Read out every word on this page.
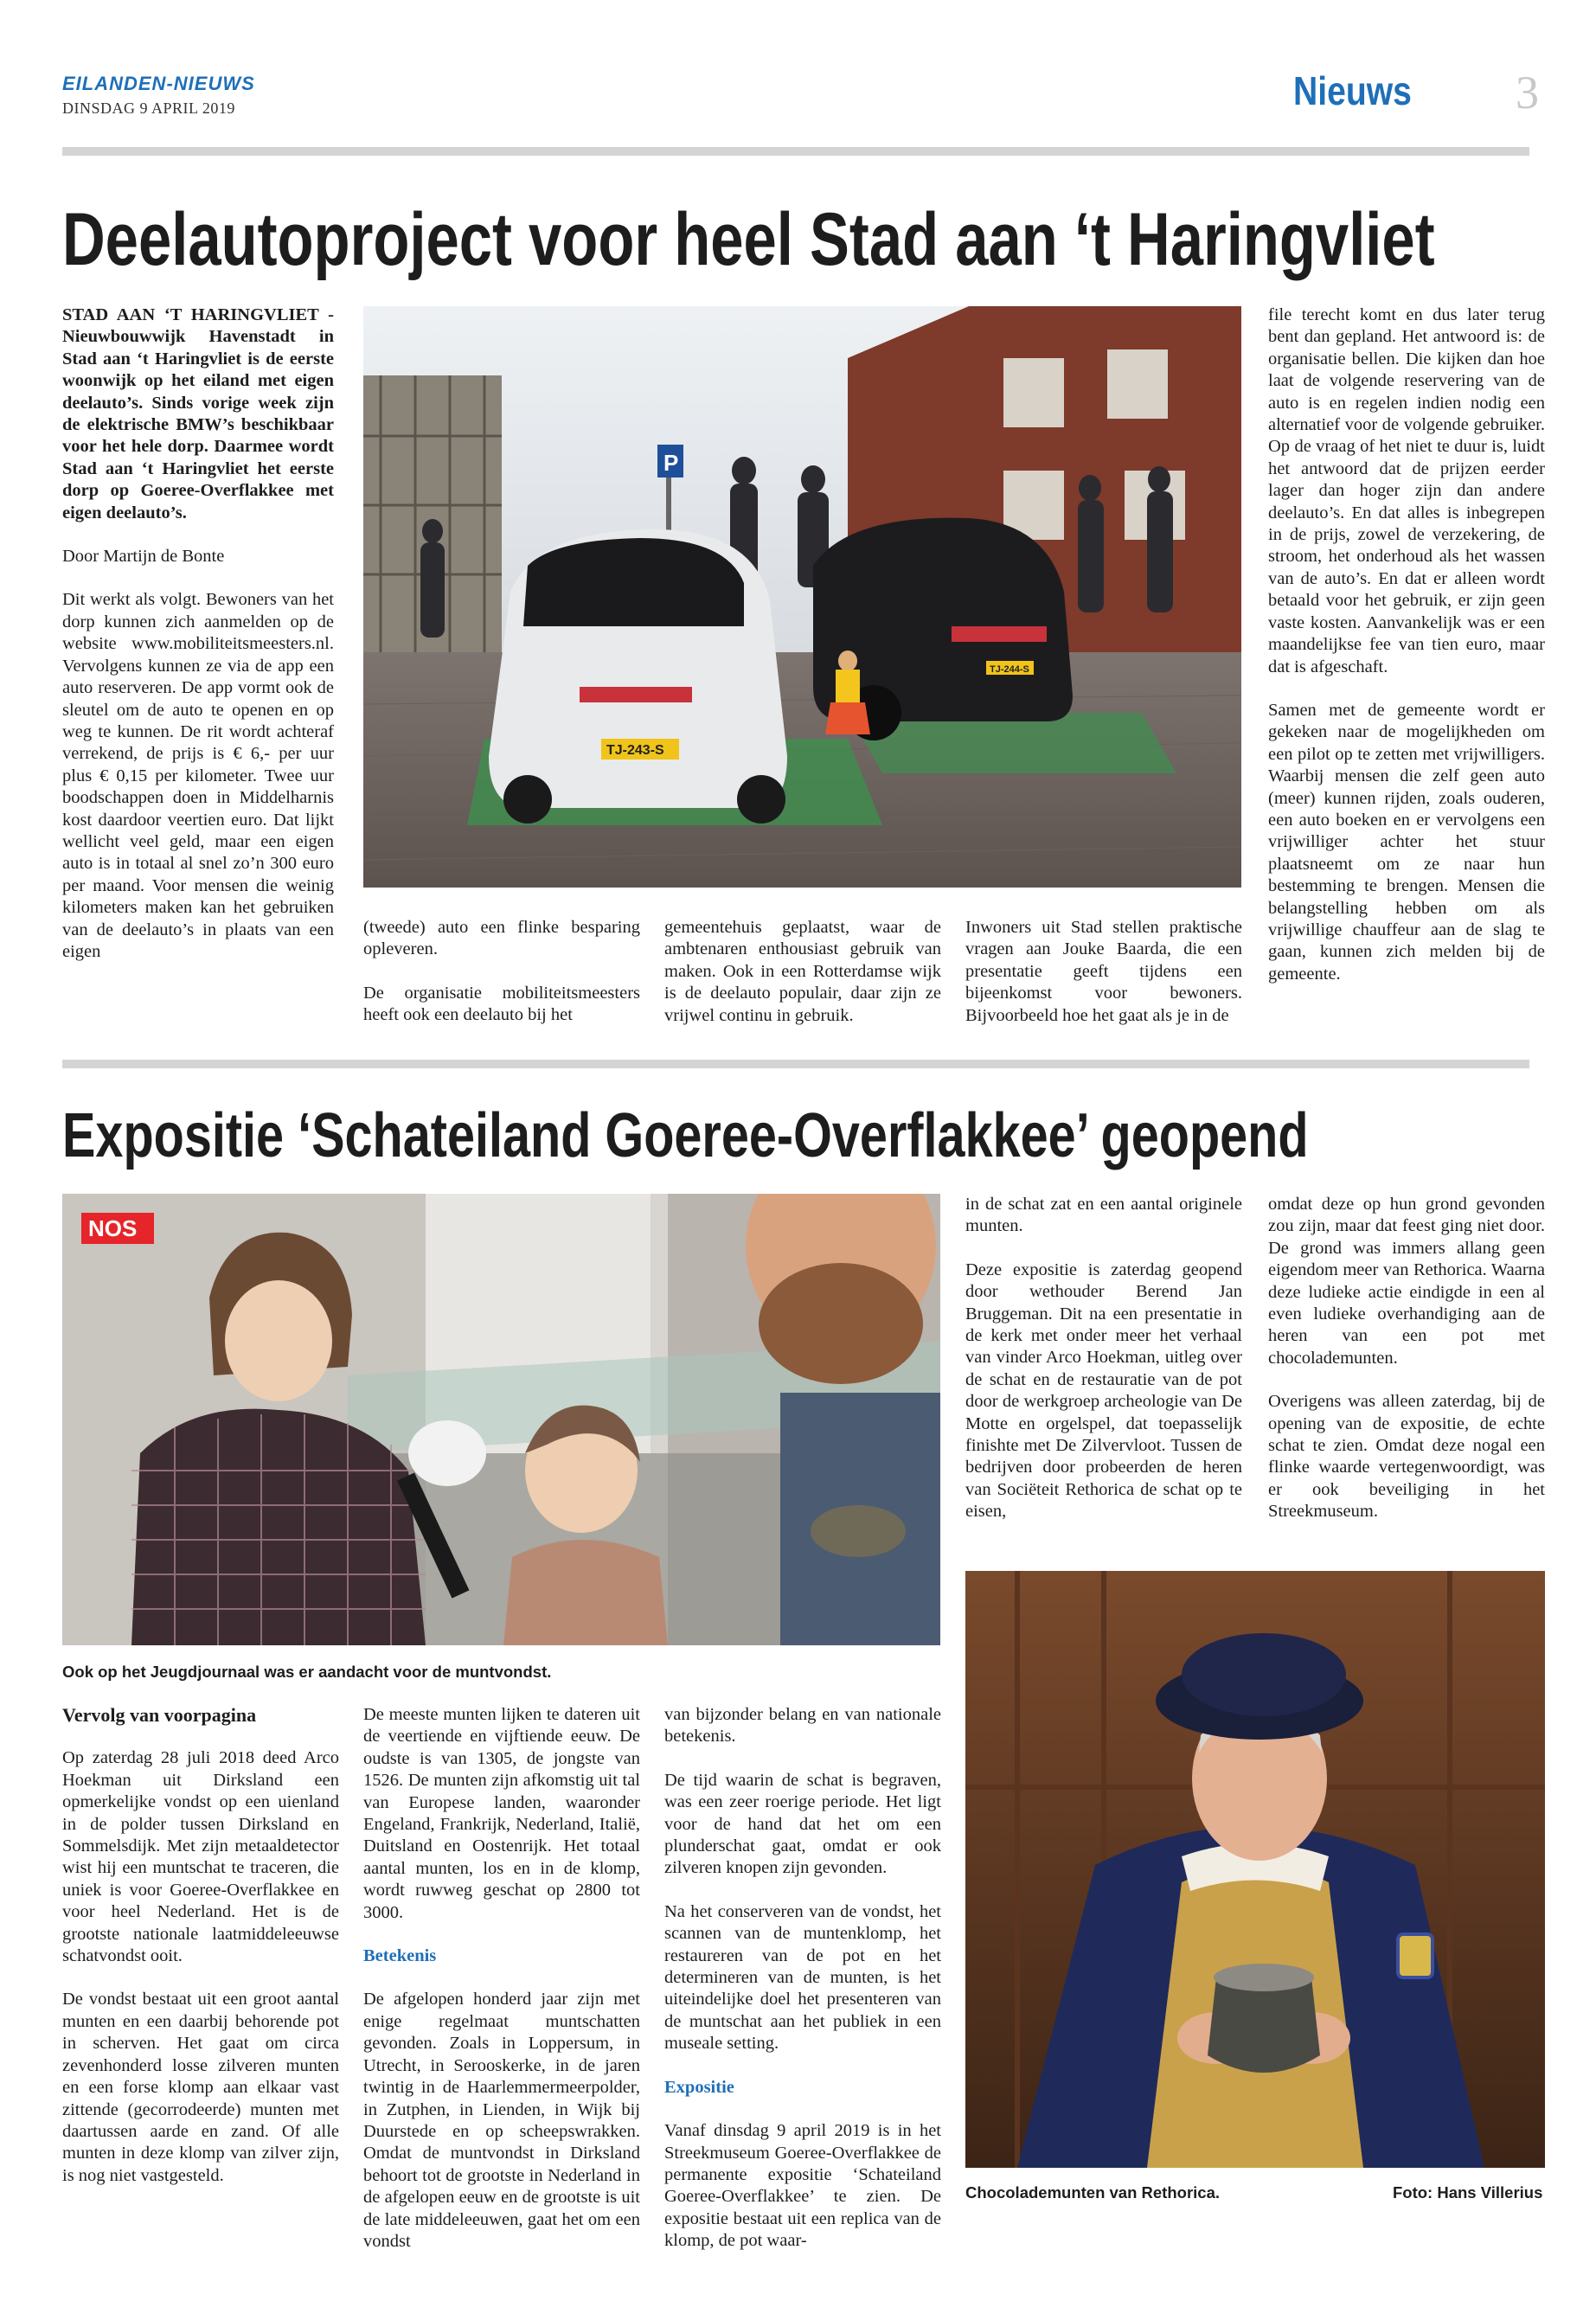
EILANDEN-NIEUWS
DINSDAG 9 APRIL 2019	Nieuws 3
Deelautoproject voor heel Stad aan ‘t Haringvliet

STAD AAN ‘T HARINGVLIET - Nieuwbouwwijk Havenstadt in Stad aan ‘t Haringvliet is de eerste woonwijk op het eiland met eigen deelauto’s. Sinds vorige week zijn de elektrische BMW’s beschikbaar voor het hele dorp. Daarmee wordt Stad aan ‘t Haringvliet het eerste dorp op Goeree-Overflakkee met eigen deelauto’s.

Door Martijn de Bonte

Dit werkt als volgt. Bewoners van het dorp kunnen zich aanmelden op de website www.mobiliteitsmeesters.nl. Vervolgens kunnen ze via de app een auto reserveren. De app vormt ook de sleutel om de auto te openen en op weg te kunnen. De rit wordt achteraf verrekend, de prijs is € 6,- per uur plus € 0,15 per kilometer. Twee uur boodschappen doen in Middelharnis kost daardoor veertien euro. Dat lijkt wellicht veel geld, maar een eigen auto is in totaal al snel zo’n 300 euro per maand. Voor mensen die weinig kilometers maken kan het gebruiken van de deelauto’s in plaats van een eigen

P
TJ-244-S
TJ-243-S

(tweede) auto een flinke besparing opleveren.

De organisatie mobiliteitsmeesters heeft ook een deelauto bij het

gemeentehuis geplaatst, waar de ambtenaren enthousiast gebruik van maken. Ook in een Rotterdamse wijk is de deelauto populair, daar zijn ze vrijwel continu in gebruik.

Inwoners uit Stad stellen praktische vragen aan Jouke Baarda, die een presentatie geeft tijdens een bijeenkomst voor bewoners. Bijvoorbeeld hoe het gaat als je in de

file terecht komt en dus later terug bent dan gepland. Het antwoord is: de organisatie bellen. Die kijken dan hoe laat de volgende reservering van de auto is en regelen indien nodig een alternatief voor de volgende gebruiker. Op de vraag of het niet te duur is, luidt het antwoord dat de prijzen eerder lager dan hoger zijn dan andere deelauto’s. En dat alles is inbegrepen in de prijs, zowel de verzekering, de stroom, het onderhoud als het wassen van de auto’s. En dat er alleen wordt betaald voor het gebruik, er zijn geen vaste kosten. Aanvankelijk was er een maandelijkse fee van tien euro, maar dat is afgeschaft.

Samen met de gemeente wordt er gekeken naar de mogelijkheden om een pilot op te zetten met vrijwilligers. Waarbij mensen die zelf geen auto (meer) kunnen rijden, zoals ouderen, een auto boeken en er vervolgens een vrijwilliger achter het stuur plaatsneemt om ze naar hun bestemming te brengen. Mensen die belangstelling hebben om als vrijwillige chauffeur aan de slag te gaan, kunnen zich melden bij de gemeente.

Expositie ‘Schateiland Goeree-Overflakkee’ geopend
NOS
Ook op het Jeugdjournaal was er aandacht voor de muntvondst.

in de schat zat en een aantal originele munten.

Deze expositie is zaterdag geopend door wethouder Berend Jan Bruggeman. Dit na een presentatie in de kerk met onder meer het verhaal van vinder Arco Hoekman, uitleg over de schat en de restauratie van de pot door de werkgroep archeologie van De Motte en orgelspel, dat toepasselijk finishte met De Zilvervloot. Tussen de bedrijven door probeerden de heren van Sociëteit Rethorica de schat op te eisen,

omdat deze op hun grond gevonden zou zijn, maar dat feest ging niet door. De grond was immers allang geen eigendom meer van Rethorica. Waarna deze ludieke actie eindigde in een al even ludieke overhandiging aan de heren van een pot met chocolademunten.

Overigens was alleen zaterdag, bij de opening van de expositie, de echte schat te zien. Omdat deze nogal een flinke waarde vertegenwoordigt, was er ook beveiliging in het Streekmuseum.

Chocolademunten van Rethorica.	Foto: Hans Villerius

Vervolg van voorpagina

Op zaterdag 28 juli 2018 deed Arco Hoekman uit Dirksland een opmerkelijke vondst op een uienland in de polder tussen Dirksland en Sommelsdijk. Met zijn metaaldetector wist hij een muntschat te traceren, die uniek is voor Goeree-Overflakkee en voor heel Nederland. Het is de grootste nationale laatmiddeleeuwse schatvondst ooit.

De vondst bestaat uit een groot aantal munten en een daarbij behorende pot in scherven. Het gaat om circa zevenhonderd losse zilveren munten en een forse klomp aan elkaar vast zittende (gecorrodeerde) munten met daartussen aarde en zand. Of alle munten in deze klomp van zilver zijn, is nog niet vastgesteld.

De meeste munten lijken te dateren uit de veertiende en vijftiende eeuw. De oudste is van 1305, de jongste van 1526. De munten zijn afkomstig uit tal van Europese landen, waaronder Engeland, Frankrijk, Nederland, Italië, Duitsland en Oostenrijk. Het totaal aantal munten, los en in de klomp, wordt ruwweg geschat op 2800 tot 3000.

Betekenis

De afgelopen honderd jaar zijn met enige regelmaat muntschatten gevonden. Zoals in Loppersum, in Utrecht, in Serooskerke, in de jaren twintig in de Haarlemmermeerpolder, in Zutphen, in Lienden, in Wijk bij Duurstede en op scheepswrakken. Omdat de muntvondst in Dirksland behoort tot de grootste in Nederland in de afgelopen eeuw en de grootste is uit de late middeleeuwen, gaat het om een vondst

van bijzonder belang en van nationale betekenis.

De tijd waarin de schat is begraven, was een zeer roerige periode. Het ligt voor de hand dat het om een plunderschat gaat, omdat er ook zilveren knopen zijn gevonden.

Na het conserveren van de vondst, het scannen van de muntenklomp, het restaureren van de pot en het determineren van de munten, is het uiteindelijke doel het presenteren van de muntschat aan het publiek in een museale setting.

Expositie

Vanaf dinsdag 9 april 2019 is in het Streekmuseum Goeree-Overflakkee de permanente expositie ‘Schateiland Goeree-Overflakkee’ te zien. De expositie bestaat uit een replica van de klomp, de pot waar-
